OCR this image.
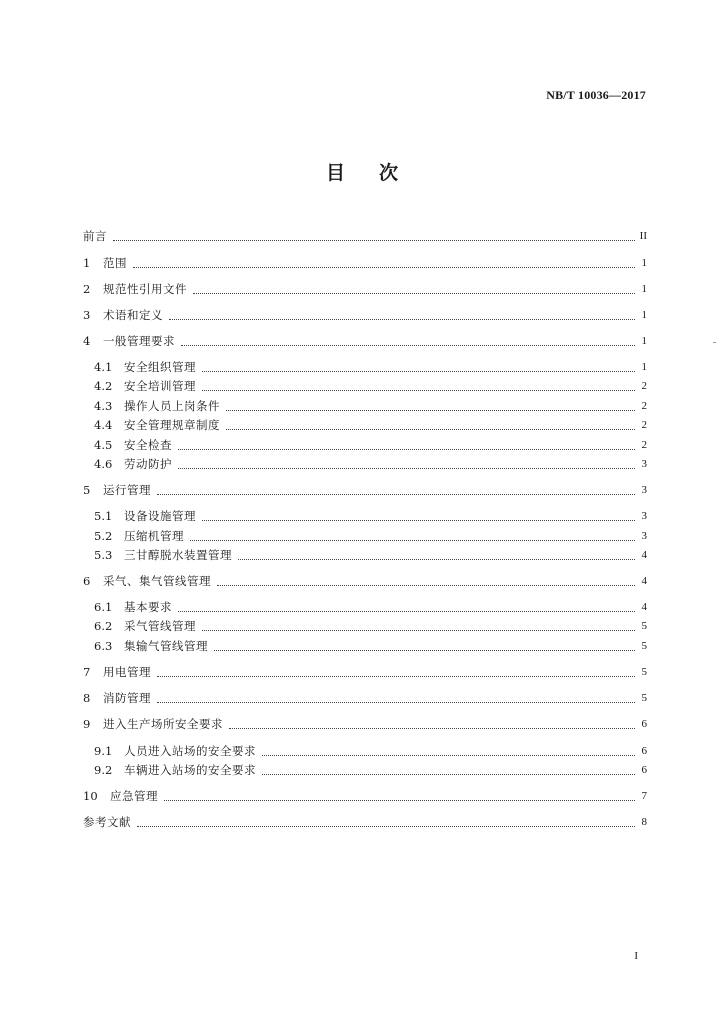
NB/T 10036—2017
目 次
前言	II
1	范围	1
2	规范性引用文件	1
3	术语和定义	1
4	一般管理要求	1
4.1	安全组织管理	1
4.2	安全培训管理	2
4.3	操作人员上岗条件	2
4.4	安全管理规章制度	2
4.5	安全检查	2
4.6	劳动防护	3
5	运行管理	3
5.1	设备设施管理	3
5.2	压缩机管理	3
5.3	三甘醇脱水装置管理	4
6	采气、集气管线管理	4
6.1	基本要求	4
6.2	采气管线管理	5
6.3	集输气管线管理	5
7	用电管理	5
8	消防管理	5
9	进入生产场所安全要求	6
9.1	人员进入站场的安全要求	6
9.2	车辆进入站场的安全要求	6
10	应急管理	7
参考文献	8
I
